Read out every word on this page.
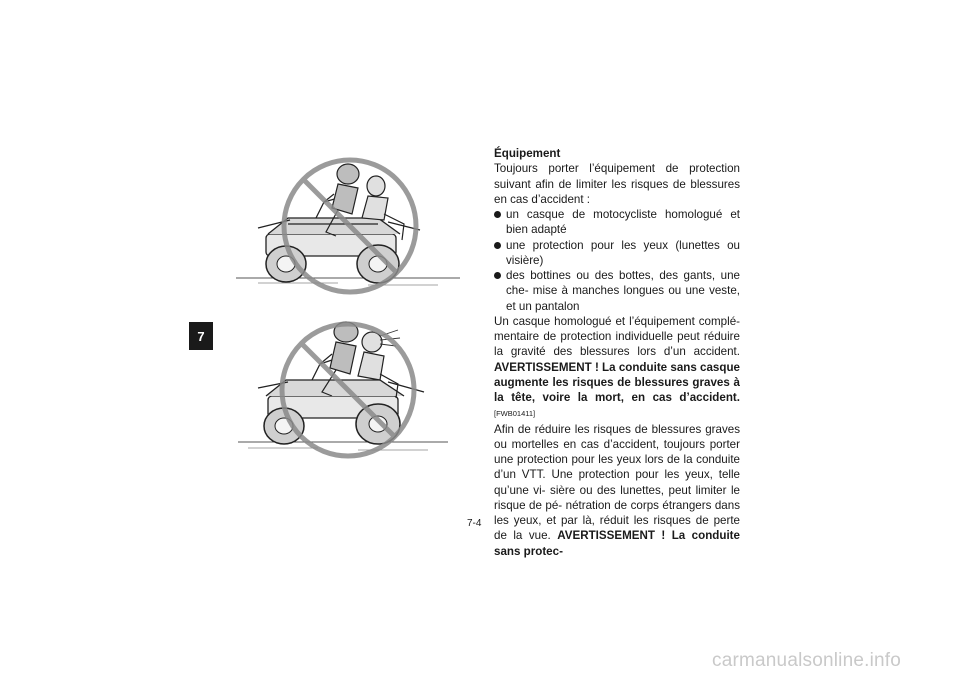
7

Équipement

Toujours porter l’équipement de protection suivant afin de limiter les risques de blessures en cas d’accident :

un casque de motocycliste homologué et bien adapté
une protection pour les yeux (lunettes ou visière)
des bottines ou des bottes, des gants, une che- mise à manches longues ou une veste, et un pantalon

Un casque homologué et l’équipement complé- mentaire de protection individuelle peut réduire la gravité des blessures lors d’un accident. AVERTISSEMENT ! La conduite sans casque augmente les risques de blessures graves à la tête, voire la mort, en cas d’accident. [FWB01411]

Afin de réduire les risques de blessures graves ou mortelles en cas d’accident, toujours porter une protection pour les yeux lors de la conduite d’un VTT. Une protection pour les yeux, telle qu’une vi- sière ou des lunettes, peut limiter le risque de pé- nétration de corps étrangers dans les yeux, et par là, réduit les risques de perte de la vue. AVERTISSEMENT ! La conduite sans protec-

7-4
carmanualsonline.info
